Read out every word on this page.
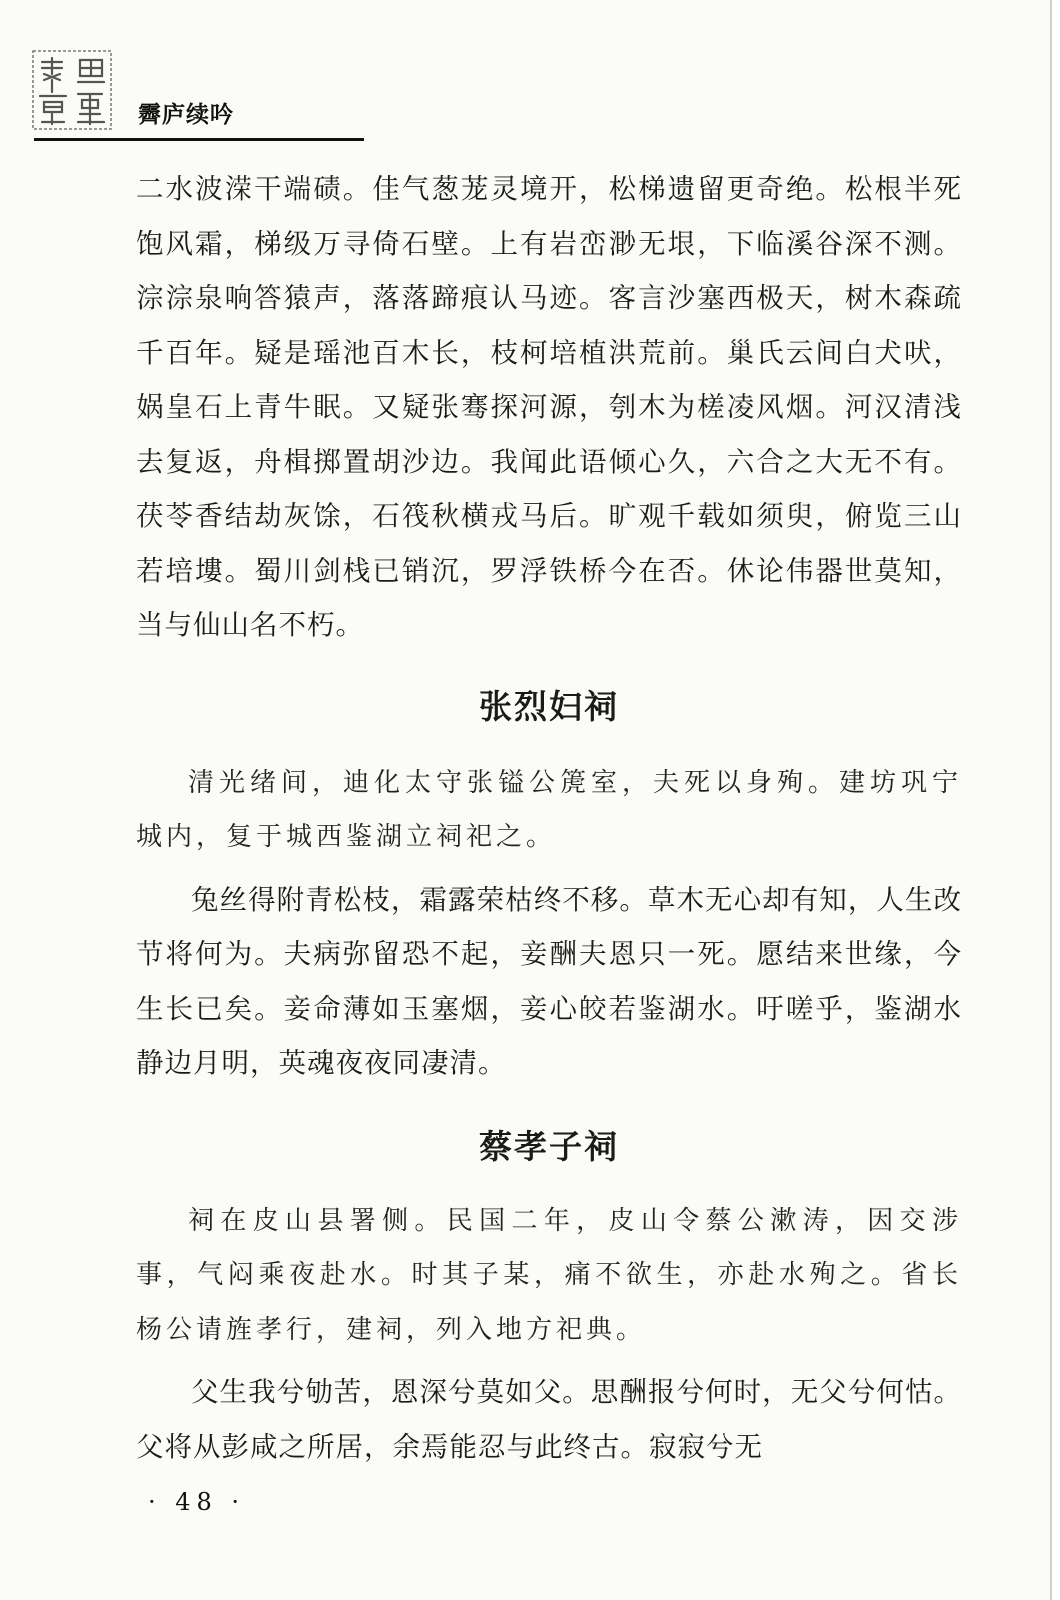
霽庐续吟

二水波溁干端碛。佳气葱茏灵境开，松梯遗留更奇绝。松根半死饱风霜，梯级万寻倚石壁。上有岩峦渺无垠，下临溪谷深不测。淙淙泉响答猿声，落落蹄痕认马迹。客言沙塞西极天，树木森疏千百年。疑是瑶池百木长，枝柯培植洪荒前。巢氏云间白犬吠，娲皇石上青牛眠。又疑张骞探河源，刳木为槎凌风烟。河汉清浅去复返，舟楫掷置胡沙边。我闻此语倾心久，六合之大无不有。茯苓香结劫灰馀，石筏秋横戎马后。旷观千载如须臾，俯览三山若培塿。蜀川剑栈已销沉，罗浮铁桥今在否。休论伟器世莫知，当与仙山名不朽。

张烈妇祠

清光绪间，迪化太守张镒公箎室，夫死以身殉。建坊巩宁城内，复于城西鉴湖立祠祀之。

兔丝得附青松枝，霜露荣枯终不移。草木无心却有知，人生改节将何为。夫病弥留恐不起，妾酬夫恩只一死。愿结来世缘，今生长已矣。妾命薄如玉塞烟，妾心皎若鉴湖水。吁嗟乎，鉴湖水静边月明，英魂夜夜同凄清。

蔡孝子祠

祠在皮山县署侧。民国二年，皮山令蔡公漱涛，因交涉事，气闷乘夜赴水。时其子某，痛不欲生，亦赴水殉之。省长杨公请旌孝行，建祠，列入地方祀典。

父生我兮劬苦，恩深兮莫如父。思酬报兮何时，无父兮何怙。父将从彭咸之所居，余焉能忍与此终古。寂寂兮无

· 48 ·
